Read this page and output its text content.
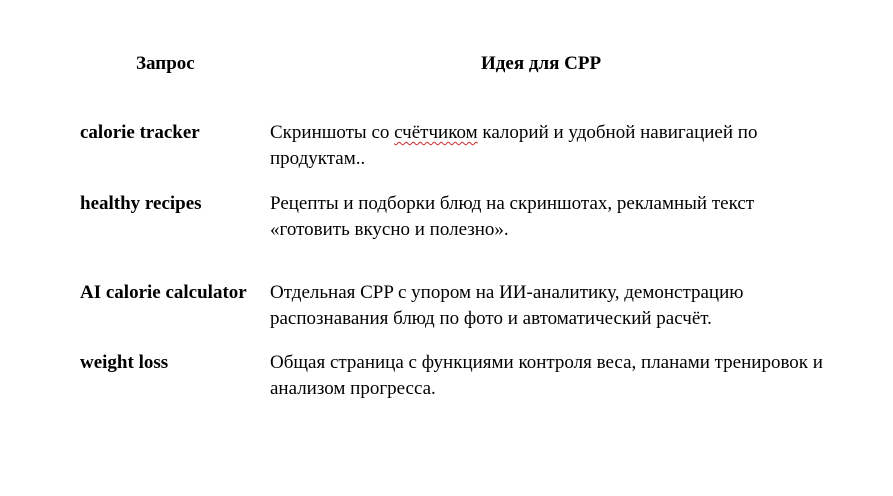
Запрос	Идея для CPP
calorie tracker	Скриншоты со счётчиком калорий и удобной навигацией по продуктам..
healthy recipes	Рецепты и подборки блюд на скриншотах, рекламный текст «готовить вкусно и полезно».
AI calorie calculator	Отдельная CPP с упором на ИИ-аналитику, демонстрацию распознавания блюд по фото и автоматический расчёт.
weight loss	Общая страница с функциями контроля веса, планами тренировок и анализом прогресса.
